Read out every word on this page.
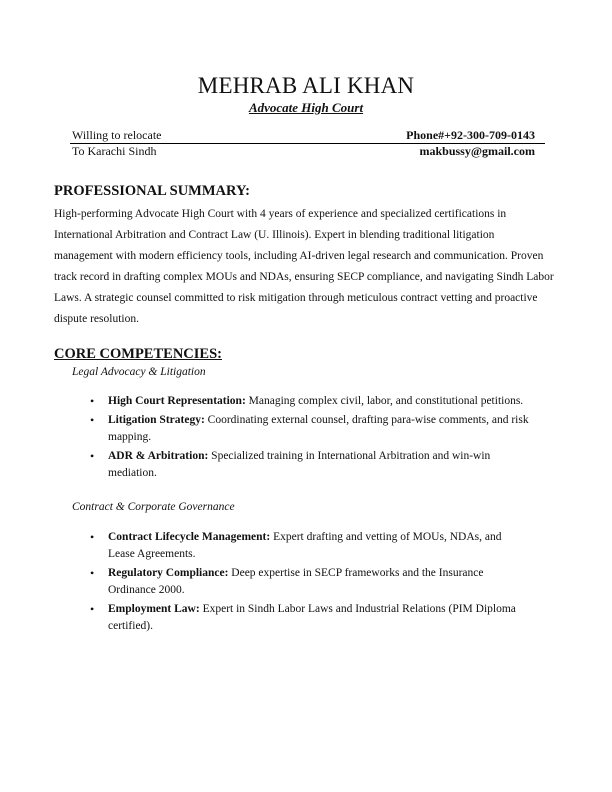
MEHRAB ALI KHAN
Advocate High Court
Willing to relocate	Phone#+92-300-709-0143
To Karachi Sindh	makbussy@gmail.com
PROFESSIONAL SUMMARY:
High-performing Advocate High Court with 4 years of experience and specialized certifications in International Arbitration and Contract Law (U. Illinois). Expert in blending traditional litigation management with modern efficiency tools, including AI-driven legal research and communication. Proven track record in drafting complex MOUs and NDAs, ensuring SECP compliance, and navigating Sindh Labor Laws. A strategic counsel committed to risk mitigation through meticulous contract vetting and proactive dispute resolution.
CORE COMPETENCIES:
Legal Advocacy & Litigation
• High Court Representation: Managing complex civil, labor, and constitutional petitions.
• Litigation Strategy: Coordinating external counsel, drafting para-wise comments, and risk mapping.
• ADR & Arbitration: Specialized training in International Arbitration and win-win mediation.
Contract & Corporate Governance
• Contract Lifecycle Management: Expert drafting and vetting of MOUs, NDAs, and Lease Agreements.
• Regulatory Compliance: Deep expertise in SECP frameworks and the Insurance Ordinance 2000.
• Employment Law: Expert in Sindh Labor Laws and Industrial Relations (PIM Diploma certified).
